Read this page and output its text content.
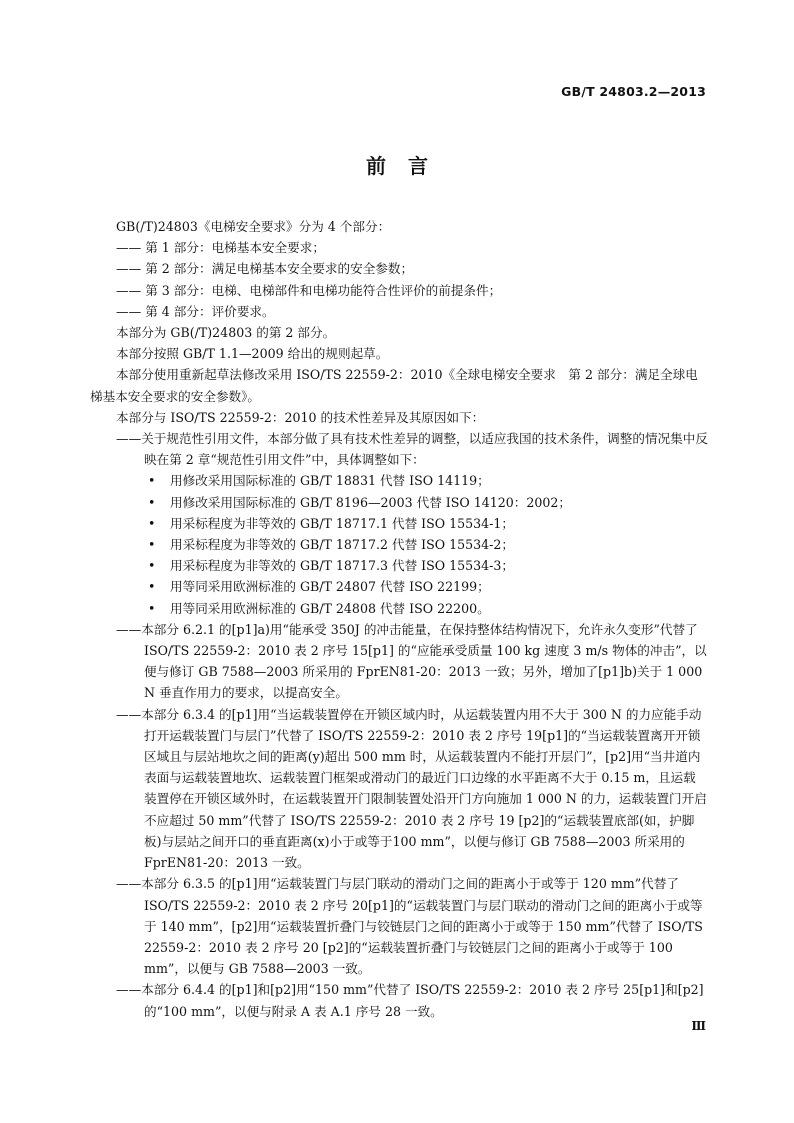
GB/T 24803.2—2013
前言

GB(/T)24803《电梯安全要求》分为 4 个部分：

—— 第 1 部分：电梯基本安全要求；

—— 第 2 部分：满足电梯基本安全要求的安全参数；

—— 第 3 部分：电梯、电梯部件和电梯功能符合性评价的前提条件；

—— 第 4 部分：评价要求。

本部分为 GB(/T)24803 的第 2 部分。

本部分按照 GB/T 1.1—2009 给出的规则起草。

本部分使用重新起草法修改采用 ISO/TS 22559-2：2010《全球电梯安全要求　第 2 部分：满足全球电梯基本安全要求的安全参数》。

本部分与 ISO/TS 22559-2：2010 的技术性差异及其原因如下：

——关于规范性引用文件，本部分做了具有技术性差异的调整，以适应我国的技术条件，调整的情况集中反映在第 2 章“规范性引用文件”中，具体调整如下：

• 用修改采用国际标准的 GB/T 18831 代替 ISO 14119；
• 用修改采用国际标准的 GB/T 8196—2003 代替 ISO 14120：2002；
• 用采标程度为非等效的 GB/T 18717.1 代替 ISO 15534-1；
• 用采标程度为非等效的 GB/T 18717.2 代替 ISO 15534-2；
• 用采标程度为非等效的 GB/T 18717.3 代替 ISO 15534-3；
• 用等同采用欧洲标准的 GB/T 24807 代替 ISO 22199；
• 用等同采用欧洲标准的 GB/T 24808 代替 ISO 22200。

——本部分 6.2.1 的[p1]a)用“能承受 350J 的冲击能量，在保持整体结构情况下，允许永久变形”代替了 ISO/TS 22559-2：2010 表 2 序号 15[p1] 的“应能承受质量 100 kg 速度 3 m/s 物体的冲击”，以便与修订 GB 7588—2003 所采用的 FprEN81-20：2013 一致；另外，增加了[p1]b)关于 1 000 N 垂直作用力的要求，以提高安全。

——本部分 6.3.4 的[p1]用“当运载装置停在开锁区域内时，从运载装置内用不大于 300 N 的力应能手动打开运载装置门与层门”代替了 ISO/TS 22559-2：2010 表 2 序号 19[p1]的“当运载装置离开开锁区域且与层站地坎之间的距离(y)超出 500 mm 时，从运载装置内不能打开层门”，[p2]用“当井道内表面与运载装置地坎、运载装置门框架或滑动门的最近门口边缘的水平距离不大于 0.15 m，且运载装置停在开锁区域外时，在运载装置开门限制装置处沿开门方向施加 1 000 N 的力，运载装置门开启不应超过 50 mm”代替了 ISO/TS 22559-2：2010 表 2 序号 19 [p2]的“运载装置底部(如，护脚板)与层站之间开口的垂直距离(x)小于或等于100 mm”，以便与修订 GB 7588—2003 所采用的 FprEN81-20：2013 一致。

——本部分 6.3.5 的[p1]用“运载装置门与层门联动的滑动门之间的距离小于或等于 120 mm”代替了 ISO/TS 22559-2：2010 表 2 序号 20[p1]的“运载装置门与层门联动的滑动门之间的距离小于或等于 140 mm”，[p2]用“运载装置折叠门与铰链层门之间的距离小于或等于 150 mm”代替了 ISO/TS 22559-2：2010 表 2 序号 20 [p2]的“运载装置折叠门与铰链层门之间的距离小于或等于 100 mm”，以便与 GB 7588—2003 一致。

——本部分 6.4.4 的[p1]和[p2]用“150 mm”代替了 ISO/TS 22559-2：2010 表 2 序号 25[p1]和[p2]的“100 mm”，以便与附录 A 表 A.1 序号 28 一致。

Ⅲ
